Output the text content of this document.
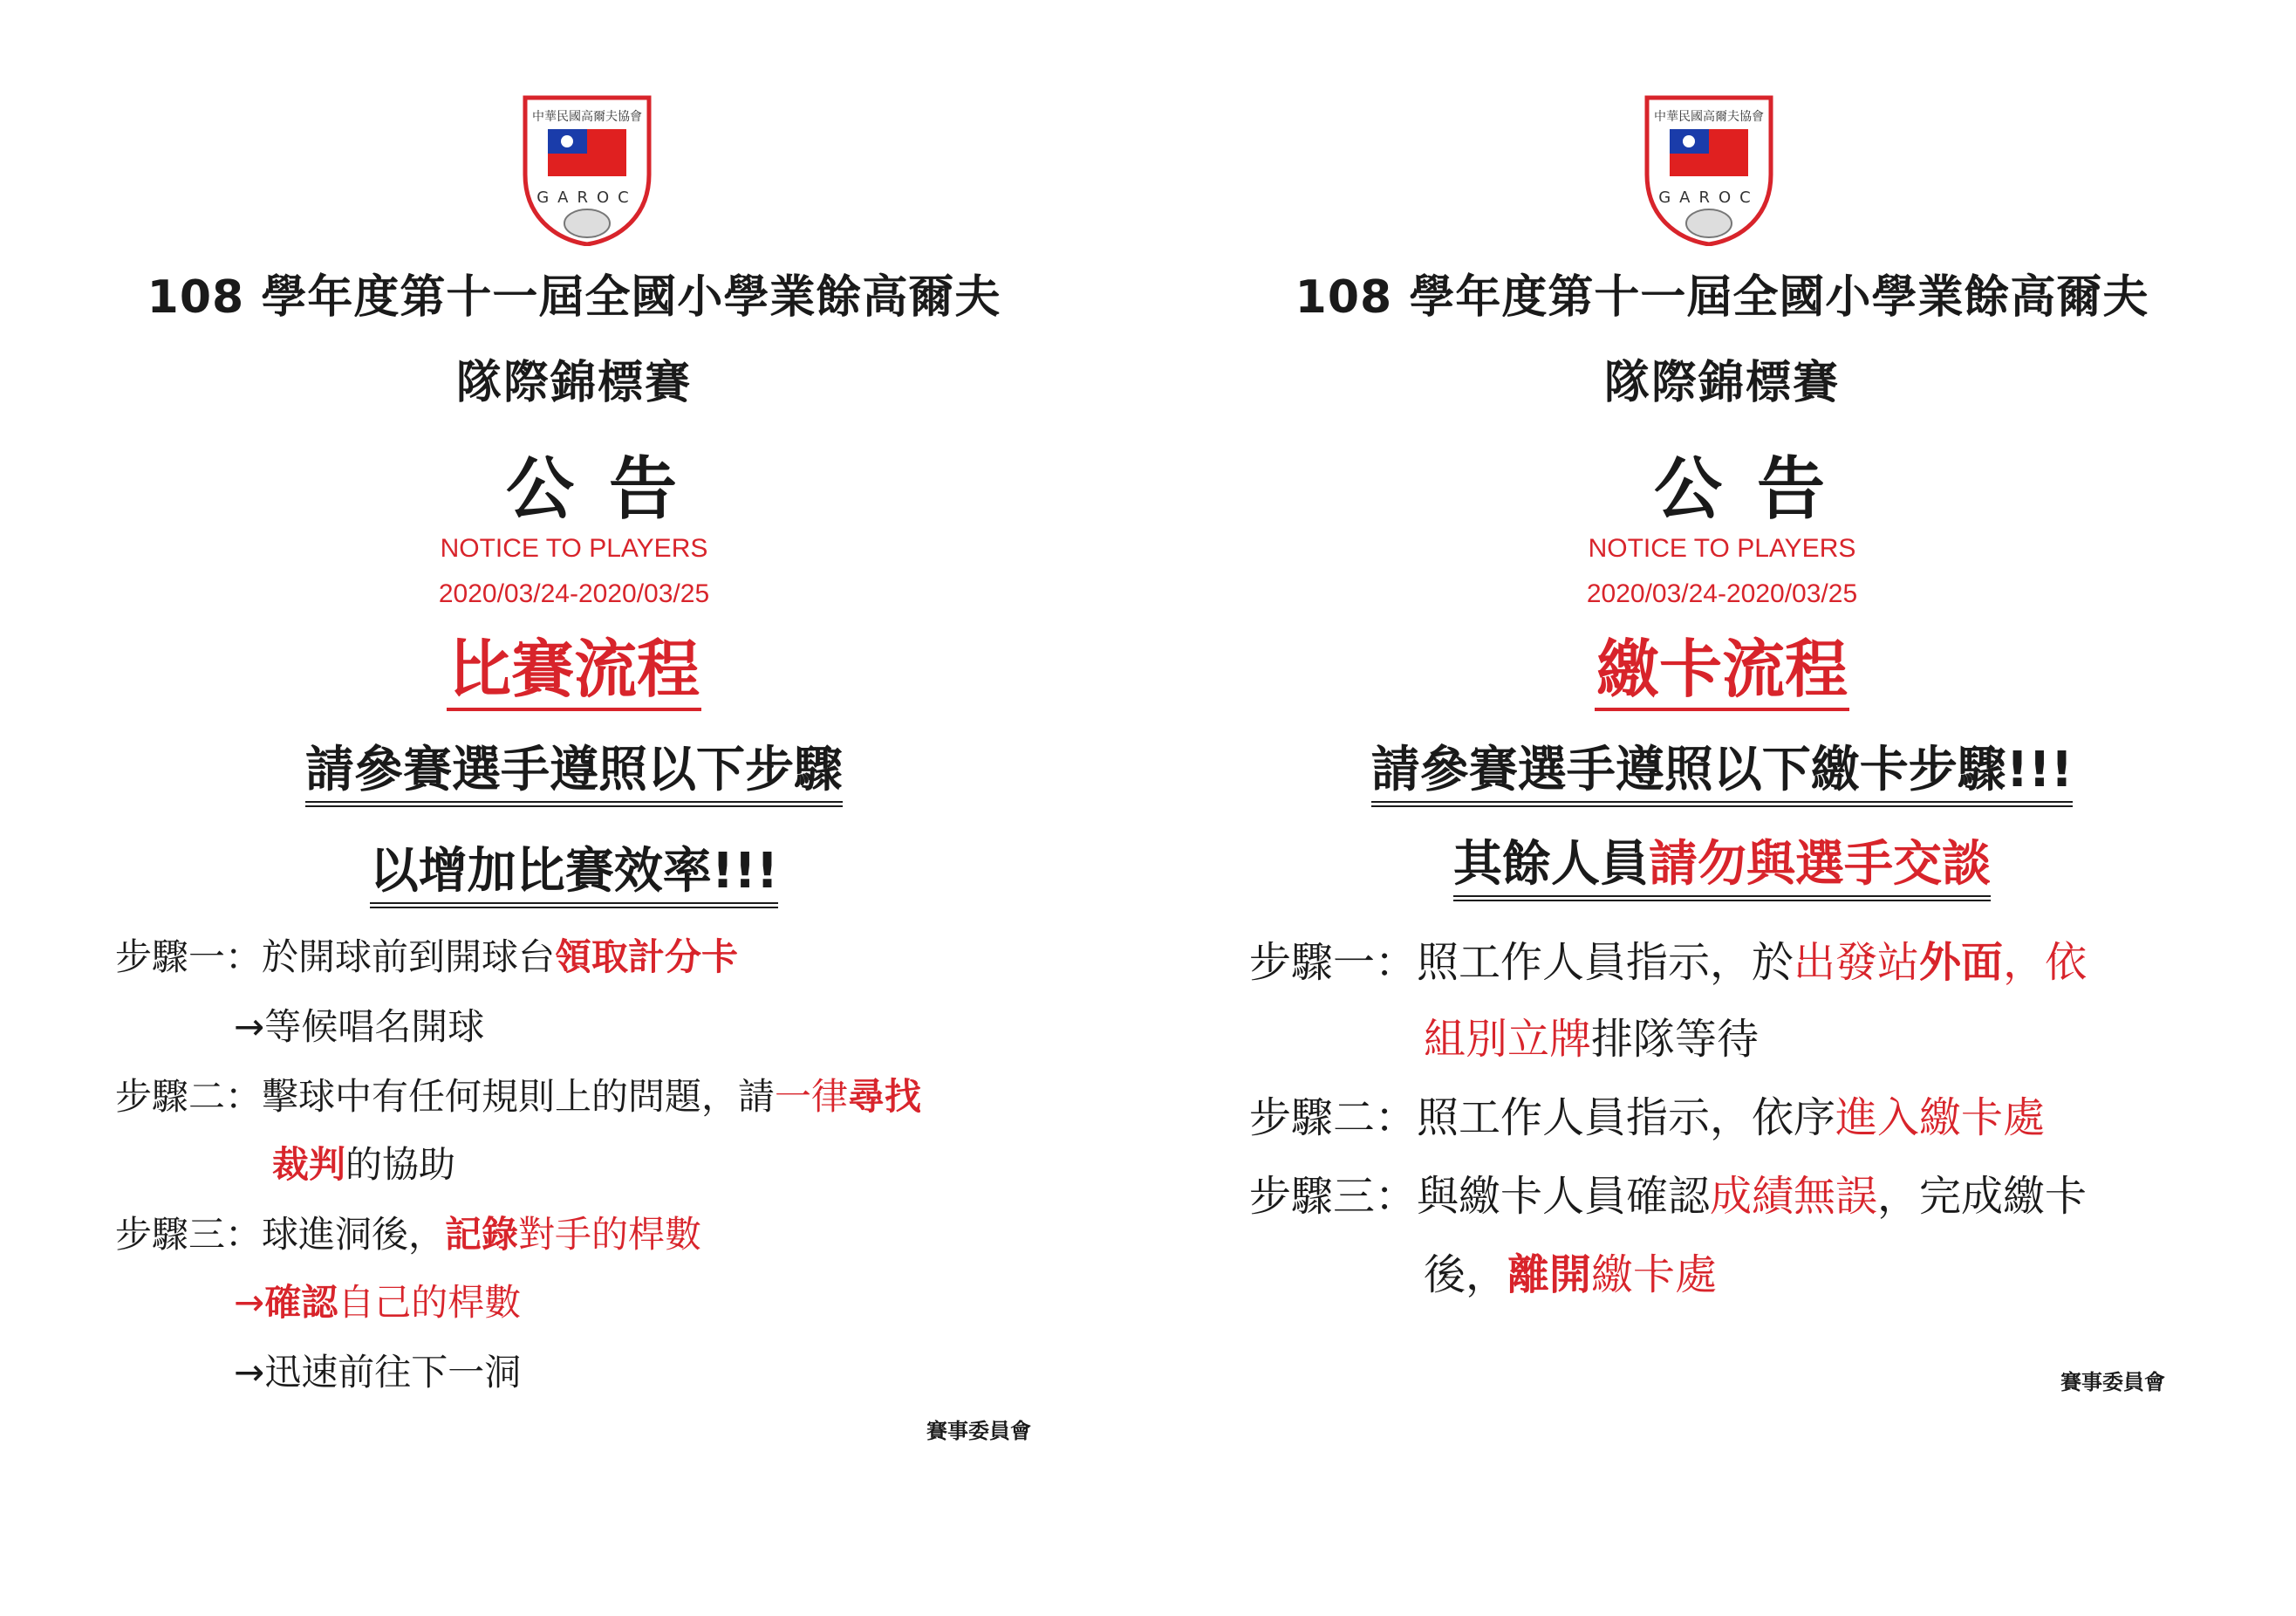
中華民國高爾夫協會
GAROC
108 學年度第十一屆全國小學業餘高爾夫
隊際錦標賽
公告
NOTICE TO PLAYERS
2020/03/24-2020/03/25
比賽流程
請參賽選手遵照以下步驟
以增加比賽效率!!!
步驟一：於開球前到開球台領取計分卡
→等候唱名開球
步驟二：擊球中有任何規則上的問題，請一律尋找
裁判的協助
步驟三：球進洞後，記錄對手的桿數
→確認自己的桿數
→迅速前往下一洞
賽事委員會
中華民國高爾夫協會
GAROC
108 學年度第十一屆全國小學業餘高爾夫
隊際錦標賽
公告
NOTICE TO PLAYERS
2020/03/24-2020/03/25
繳卡流程
請參賽選手遵照以下繳卡步驟!!!
其餘人員請勿與選手交談
步驟一：照工作人員指示，於出發站外面，依
組別立牌排隊等待
步驟二：照工作人員指示，依序進入繳卡處
步驟三：與繳卡人員確認成績無誤，完成繳卡
後，離開繳卡處
賽事委員會
